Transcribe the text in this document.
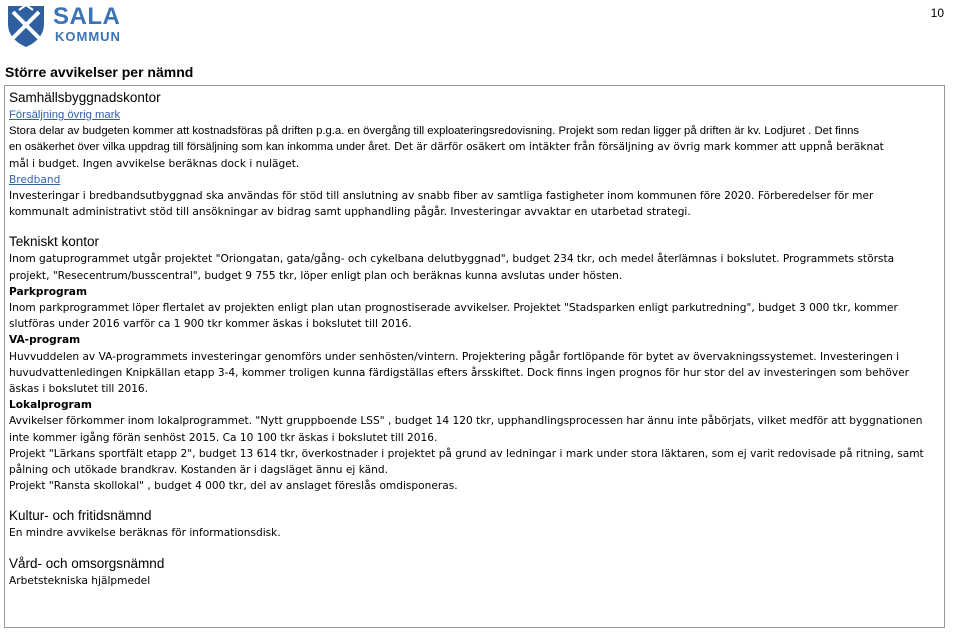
SALA
KOMMUN
10
Större avvikelser per nämnd

Samhällsbyggnadskontor

Försäljning övrig mark

Stora delar av budgeten kommer att kostnadsföras på driften p.g.a. en övergång till exploateringsredovisning. Projekt som redan ligger på driften är kv. Lodjuret . Det finns

en osäkerhet över vilka uppdrag till försäljning som kan inkomma under året. Det är därför osäkert om intäkter från försäljning av övrig mark kommer att uppnå beräknat

mål i budget. Ingen avvikelse beräknas dock i nuläget.

Bredband

Investeringar i bredbandsutbyggnad ska användas för stöd till anslutning av snabb fiber av samtliga fastigheter inom kommunen före 2020. Förberedelser för mer

kommunalt administrativt stöd till ansökningar av bidrag samt upphandling pågår. Investeringar avvaktar en utarbetad strategi.

Tekniskt kontor

Inom gatuprogrammet utgår projektet "Oriongatan, gata/gång- och cykelbana delutbyggnad", budget 234 tkr, och medel återlämnas i bokslutet. Programmets största

projekt, "Resecentrum/busscentral", budget 9 755 tkr, löper enligt plan och beräknas kunna avslutas under hösten.

Parkprogram

Inom parkprogrammet löper flertalet av projekten enligt plan utan prognostiserade avvikelser. Projektet "Stadsparken enligt parkutredning", budget 3 000 tkr, kommer

slutföras under 2016 varför ca 1 900 tkr kommer äskas i bokslutet till 2016.

VA-program

Huvvuddelen av VA-programmets investeringar genomförs under senhösten/vintern. Projektering pågår fortlöpande för bytet av övervakningssystemet. Investeringen i

huvudvattenledingen Knipkällan etapp 3-4, kommer troligen kunna färdigställas efters årsskiftet. Dock finns ingen prognos för hur stor del av investeringen som behöver

äskas i bokslutet till 2016.

Lokalprogram

Avvikelser förkommer inom lokalprogrammet. "Nytt gruppboende LSS" , budget 14 120 tkr, upphandlingsprocessen har ännu inte påbörjats, vilket medför att byggnationen

inte kommer igång förän senhöst 2015. Ca 10 100 tkr äskas i bokslutet till 2016.

Projekt "Lärkans sportfält etapp 2", budget 13 614 tkr, överkostnader i projektet på grund av ledningar i mark under stora läktaren, som ej varit redovisade på ritning, samt

pålning och utökade brandkrav. Kostanden är i dagsläget ännu ej känd.

Projekt "Ransta skollokal" , budget 4 000 tkr, del av anslaget föreslås omdisponeras.

Kultur- och fritidsnämnd

En mindre avvikelse beräknas för informationsdisk.

Vård- och omsorgsnämnd

Arbetstekniska hjälpmedel
